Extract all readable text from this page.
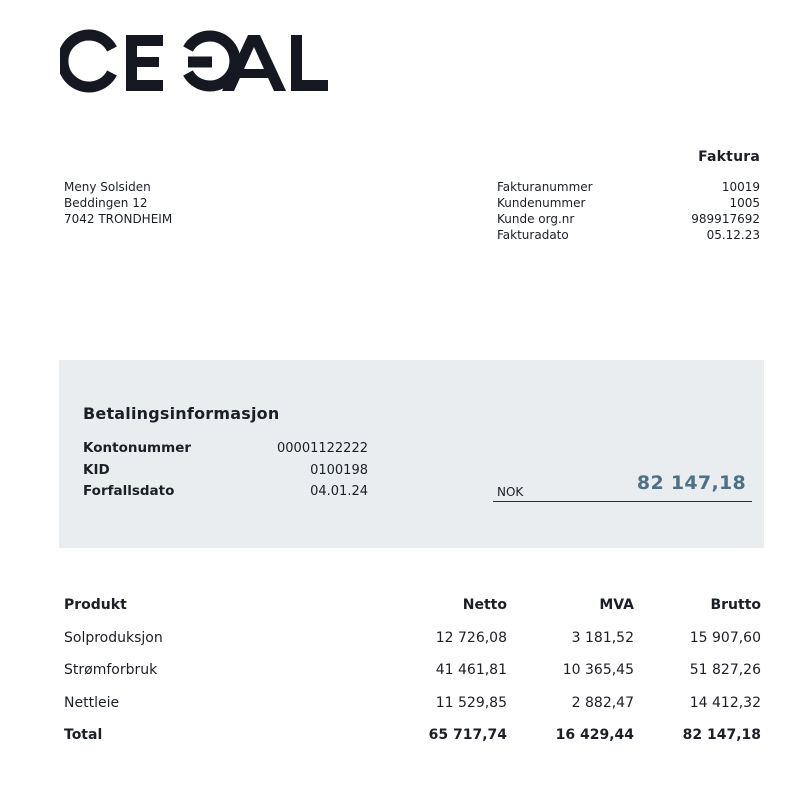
Faktura
Meny Solsiden
Beddingen 12
7042 TRONDHEIM
Fakturanummer	10019
Kundenummer	1005
Kunde org.nr	989917692
Fakturadato	05.12.23
Betalingsinformasjon
Kontonummer	00001122222
KID	0100198
Forfallsdato	04.01.24	NOK	82 147,18
Produkt	Netto	MVA	Brutto
Solproduksjon	12 726,08	3 181,52	15 907,60
Strømforbruk	41 461,81	10 365,45	51 827,26
Nettleie	11 529,85	2 882,47	14 412,32
Total	65 717,74	16 429,44	82 147,18
